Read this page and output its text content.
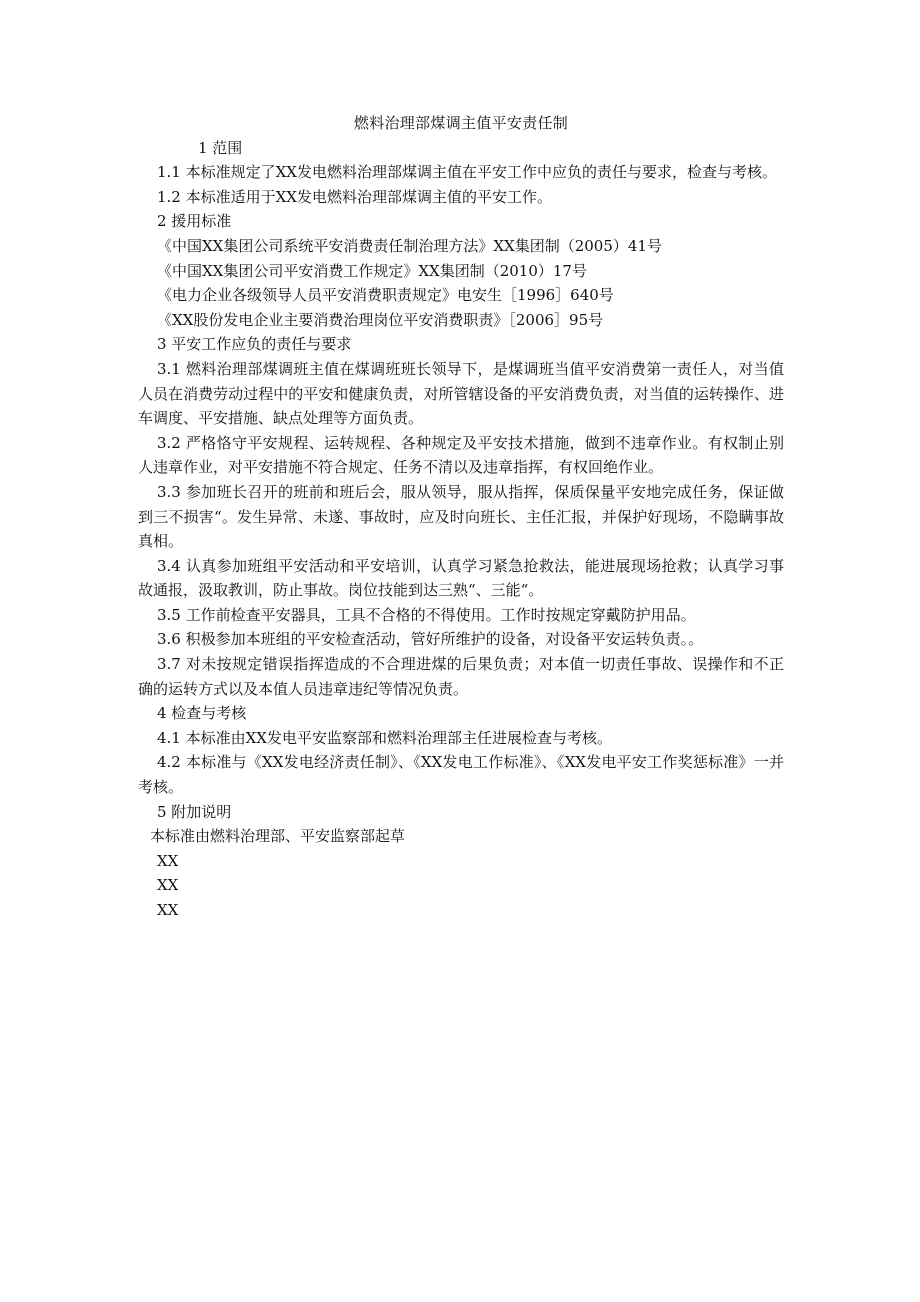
燃料治理部煤调主值平安责任制

1 范围

1.1 本标准规定了XX发电燃料治理部煤调主值在平安工作中应负的责任与要求，检查与考核。

1.2 本标准适用于XX发电燃料治理部煤调主值的平安工作。

2 援用标准

《中国XX集团公司系统平安消费责任制治理方法》XX集团制（2005）41号

《中国XX集团公司平安消费工作规定》XX集团制（2010）17号

《电力企业各级领导人员平安消费职责规定》电安生［1996］640号

《XX股份发电企业主要消费治理岗位平安消费职责》［2006］95号

3 平安工作应负的责任与要求

3.1 燃料治理部煤调班主值在煤调班班长领导下，是煤调班当值平安消费第一责任人，对当值人员在消费劳动过程中的平安和健康负责，对所管辖设备的平安消费负责，对当值的运转操作、进车调度、平安措施、缺点处理等方面负责。

3.2 严格恪守平安规程、运转规程、各种规定及平安技术措施，做到不违章作业。有权制止别人违章作业，对平安措施不符合规定、任务不清以及违章指挥，有权回绝作业。

3.3 参加班长召开的班前和班后会，服从领导，服从指挥，保质保量平安地完成任务，保证做到三不损害“。发生异常、未遂、事故时，应及时向班长、主任汇报，并保护好现场，不隐瞒事故真相。

3.4 认真参加班组平安活动和平安培训，认真学习紧急抢救法，能进展现场抢救；认真学习事故通报，汲取教训，防止事故。岗位技能到达三熟“、三能“。

3.5 工作前检查平安器具，工具不合格的不得使用。工作时按规定穿戴防护用品。

3.6 积极参加本班组的平安检查活动，管好所维护的设备，对设备平安运转负责。。

3.7 对未按规定错误指挥造成的不合理进煤的后果负责；对本值一切责任事故、误操作和不正确的运转方式以及本值人员违章违纪等情况负责。

4 检查与考核

4.1 本标准由XX发电平安监察部和燃料治理部主任进展检查与考核。

4.2 本标准与《XX发电经济责任制》、《XX发电工作标准》、《XX发电平安工作奖惩标准》一并考核。

5 附加说明

本标准由燃料治理部、平安监察部起草

XX

XX

XX
